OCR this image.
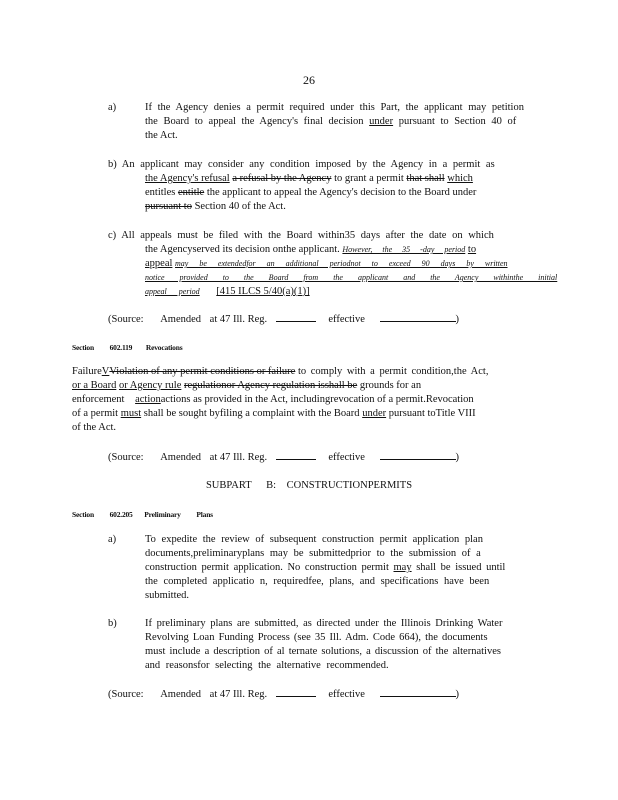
26
a)	If the Agency denies a permit required under this Part, the applicant may petition
the Board to appeal the Agency's final decision under pursuant to Section 40 of
the Act.
b) An applicant may consider any condition imposed by the Agency in a permit as
the Agency's refusal a refusal by the Agency to grant a permit that shall which
entitles entitle the applicant to appeal the Agency's decision to the Board under
pursuant to Section 40 of the Act.
c) All appeals must be filed with the Board within35 days after the date on which
the Agencyserved its decision onthe applicant. However, the 35 -day period to
appeal may be extendedfor an additional periodnot to exceed 90 days by written
notice provided to the Board from the applicant and the Agency withinthe initial
appeal period [415 ILCS 5/40(a)(1)]
(Source: Amended at 47 Ill. Reg.	effective	)
Section 602.119 Revocations
FailureVViolation of any permit conditions or failure to comply with a permit condition,the Act,
or a Board or Agency rule regulationor Agency regulation isshall be grounds for an
enforcement actionactions as provided in the Act, includingrevocation of a permit.Revocation
of a permit must shall be sought byfiling a complaint with the Board under pursuant toTitle VIII
of the Act.
(Source: Amended at 47 Ill. Reg.	effective	)
SUBPART B: CONSTRUCTIONPERMITS
Section 602.205 Preliminary Plans
a)	To expedite the review of subsequent construction permit application plan
documents,preliminaryplans may be submittedprior to the submission of a
construction permit application. No construction permit may shall be issued until
the completed applicatio n, requiredfee, plans, and specifications have been
submitted.
b)	If preliminary plans are submitted, as directed under the Illinois Drinking Water
Revolving Loan Funding Process (see 35 Ill. Adm. Code 664), the documents
must include a description of al ternate solutions, a discussion of the alternatives
and reasonsfor selecting the alternative recommended.
(Source: Amended at 47 Ill. Reg.	effective	)
